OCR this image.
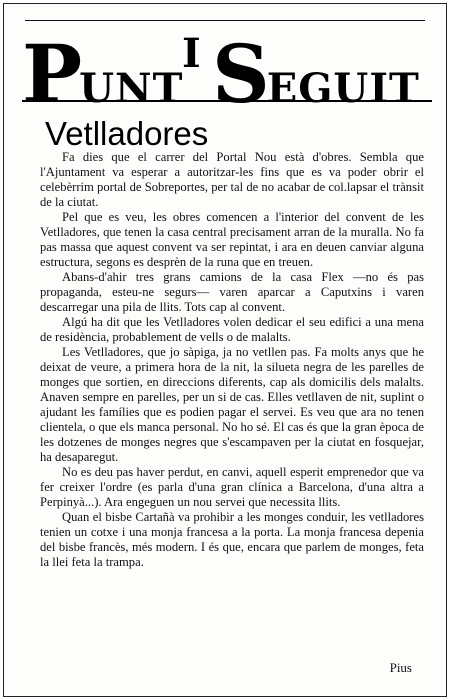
PUNT
I SEGUIT
Vetlladores

Fa dies que el carrer del Portal Nou està d'obres. Sembla que l'Ajuntament va esperar a autoritzar-les fins que es va poder obrir el celebèrrim portal de Sobreportes, per tal de no acabar de col.lapsar el trànsit de la ciutat.

Pel que es veu, les obres comencen a l'interior del convent de les Vetlladores, que tenen la casa central precisament arran de la muralla. No fa pas massa que aquest convent va ser repintat, i ara en deuen canviar alguna estructura, segons es desprèn de la runa que en treuen.

Abans-d'ahir tres grans camions de la casa Flex —no és pas propaganda, esteu-ne segurs— varen aparcar a Caputxins i varen descarregar una pila de llits. Tots cap al convent.

Algú ha dit que les Vetlladores volen dedicar el seu edifici a una mena de residència, probablement de vells o de malalts.

Les Vetlladores, que jo sàpiga, ja no vetllen pas. Fa molts anys que he deixat de veure, a primera hora de la nit, la silueta negra de les parelles de monges que sortien, en direccions diferents, cap als domicilis dels malalts. Anaven sempre en parelles, per un si de cas. Elles vetllaven de nit, suplint o ajudant les famílies que es podien pagar el servei. Es veu que ara no tenen clientela, o que els manca personal. No ho sé. El cas és que la gran època de les dotzenes de monges negres que s'escampaven per la ciutat en fosquejar, ha desaparegut.

No es deu pas haver perdut, en canvi, aquell esperit emprenedor que va fer creixer l'ordre (es parla d'una gran clínica a Barcelona, d'una altra a Perpinyà...). Ara engeguen un nou servei que necessita llits.

Quan el bisbe Cartañà va prohibir a les monges conduir, les vetlladores tenien un cotxe i una monja francesa a la porta. La monja francesa depenia del bisbe francès, més modern. I és que, encara que parlem de monges, feta la llei feta la trampa.

Pius
